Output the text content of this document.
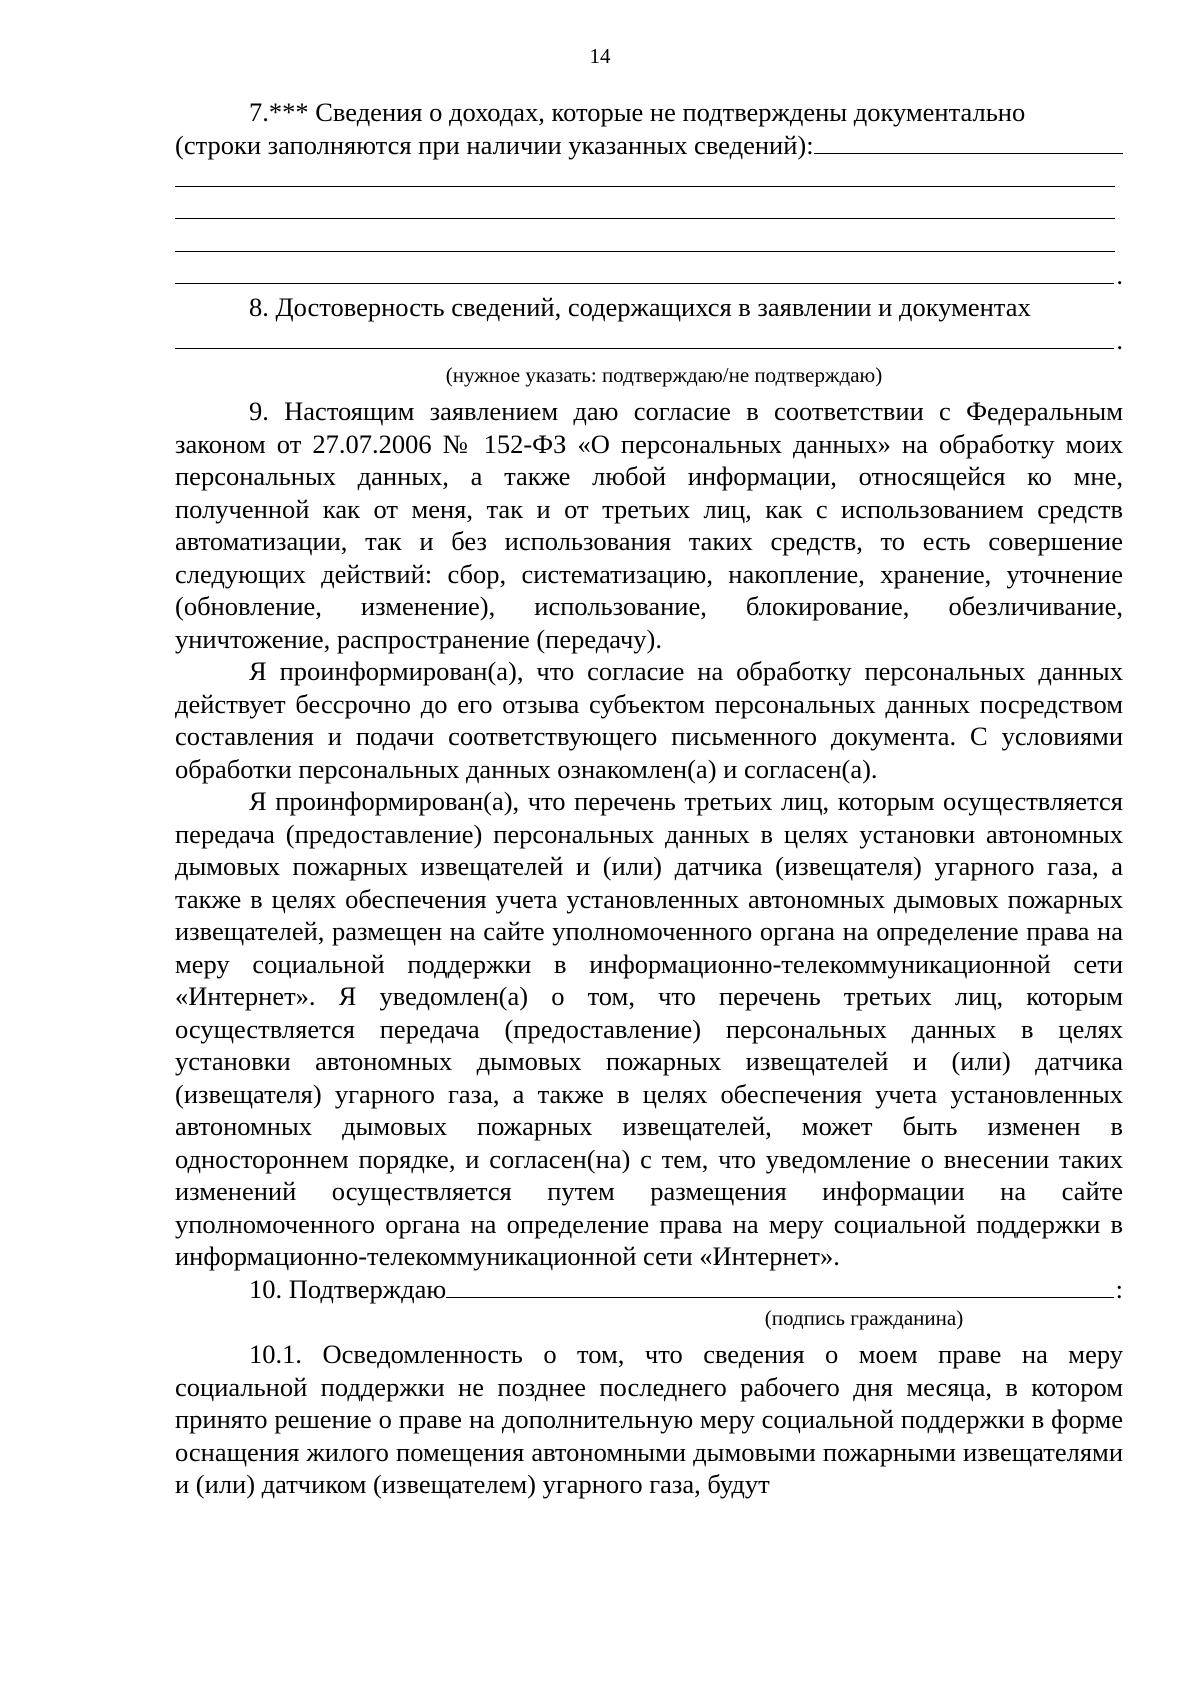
14
7.*** Сведения о доходах, которые не подтверждены документально
(строки заполняются при наличии указанных сведений):
.
8. Достоверность сведений, содержащихся в заявлении и документах
.
(нужное указать: подтверждаю/не подтверждаю)

9. Настоящим заявлением даю согласие в соответствии с Федеральным законом от 27.07.2006 № 152-ФЗ «О персональных данных» на обработку моих персональных данных, а также любой информации, относящейся ко мне, полученной как от меня, так и от третьих лиц, как с использованием средств автоматизации, так и без использования таких средств, то есть совершение следующих действий: сбор, систематизацию, накопление, хранение, уточнение (обновление, изменение), использование, блокирование, обезличивание, уничтожение, распространение (передачу).

Я проинформирован(а), что согласие на обработку персональных данных действует бессрочно до его отзыва субъектом персональных данных посредством составления и подачи соответствующего письменного документа. С условиями обработки персональных данных ознакомлен(а) и согласен(а).

Я проинформирован(а), что перечень третьих лиц, которым осуществляется передача (предоставление) персональных данных в целях установки автономных дымовых пожарных извещателей и (или) датчика (извещателя) угарного газа, а также в целях обеспечения учета установленных автономных дымовых пожарных извещателей, размещен на сайте уполномоченного органа на определение права на меру социальной поддержки в информационно-телекоммуникационной сети «Интернет». Я уведомлен(а) о том, что перечень третьих лиц, которым осуществляется передача (предоставление) персональных данных в целях установки автономных дымовых пожарных извещателей и (или) датчика (извещателя) угарного газа, а также в целях обеспечения учета установленных автономных дымовых пожарных извещателей, может быть изменен в одностороннем порядке, и согласен(на) с тем, что уведомление о внесении таких изменений осуществляется путем размещения информации на сайте уполномоченного органа на определение права на меру социальной поддержки в информационно-телекоммуникационной сети «Интернет».

10. Подтверждаю	:
(подпись гражданина)

10.1. Осведомленность о том, что сведения о моем праве на меру социальной поддержки не позднее последнего рабочего дня месяца, в котором принято решение о праве на дополнительную меру социальной поддержки в форме оснащения жилого помещения автономными дымовыми пожарными извещателями и (или) датчиком (извещателем) угарного газа, будут
